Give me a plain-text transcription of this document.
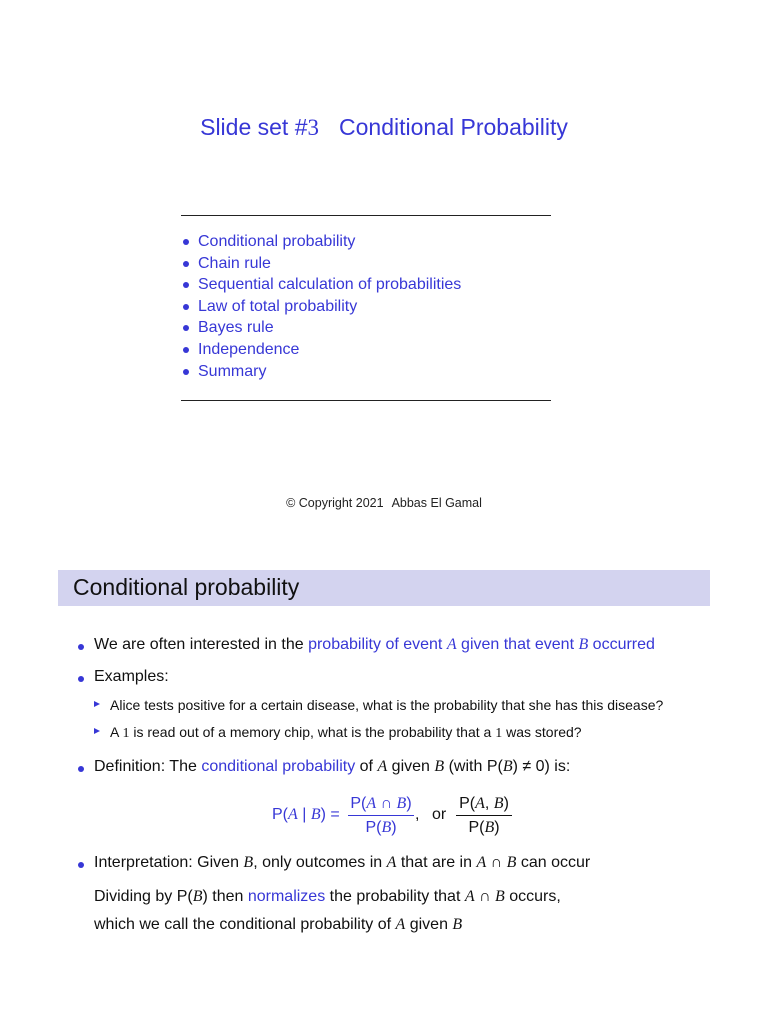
Slide set #3 Conditional Probability
Conditional probability
Chain rule
Sequential calculation of probabilities
Law of total probability
Bayes rule
Independence
Summary
© Copyright 2021 Abbas El Gamal
Conditional probability
We are often interested in the probability of event A given that event B occurred
Examples:
Alice tests positive for a certain disease, what is the probability that she has this disease?
A 1 is read out of a memory chip, what is the probability that a 1 was stored?
Definition: The conditional probability of A given B (with P(B) ≠ 0) is:
P(A | B) =
P(A ∩ B)
P(B)
, or
P(A, B)
P(B)
Interpretation: Given B, only outcomes in A that are in A ∩ B can occur
Dividing by P(B) then normalizes the probability that A ∩ B occurs,
which we call the conditional probability of A given B
